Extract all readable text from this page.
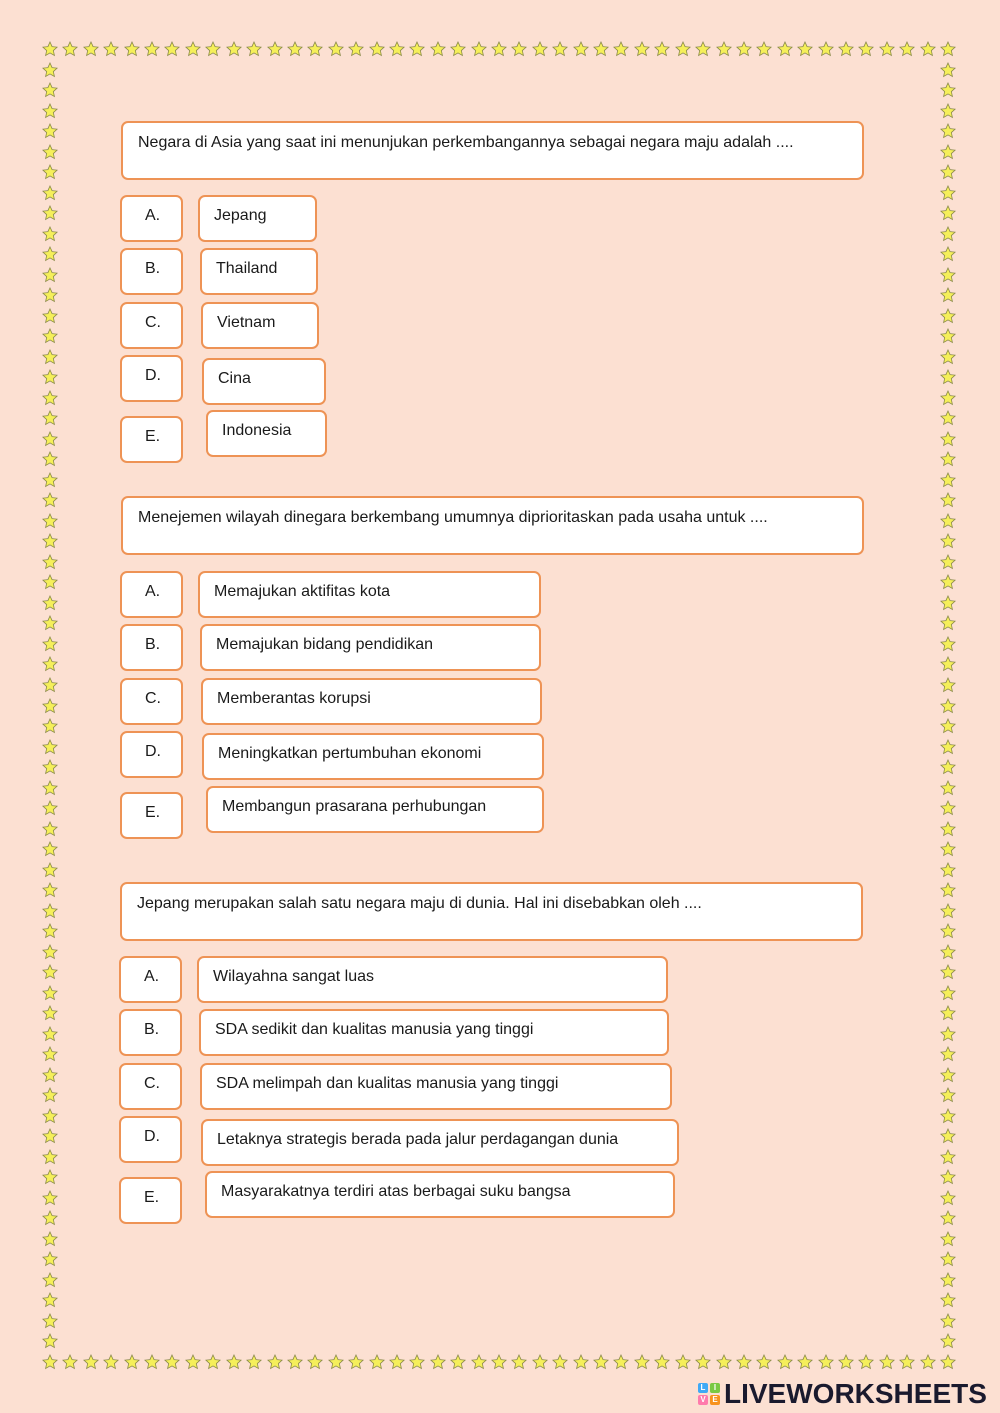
Negara di Asia yang saat ini menunjukan perkembangannya sebagai negara maju adalah ....
A.	Jepang
B.	Thailand
C.	Vietnam
D.	Cina
E.	Indonesia
Menejemen wilayah dinegara berkembang umumnya diprioritaskan pada usaha untuk ....
A.	Memajukan aktifitas kota
B.	Memajukan bidang pendidikan
C.	Memberantas korupsi
D.	Meningkatkan pertumbuhan ekonomi
E.	Membangun prasarana perhubungan
Jepang merupakan salah satu negara maju di dunia. Hal ini disebabkan oleh ....
A.	Wilayahna sangat luas
B.	SDA sedikit dan kualitas manusia yang tinggi
C.	SDA melimpah dan kualitas manusia yang tinggi
D.	Letaknya strategis berada pada jalur perdagangan dunia
E.	Masyarakatnya terdiri atas berbagai suku bangsa
L	I
V E LIVEWORKSHEETS
